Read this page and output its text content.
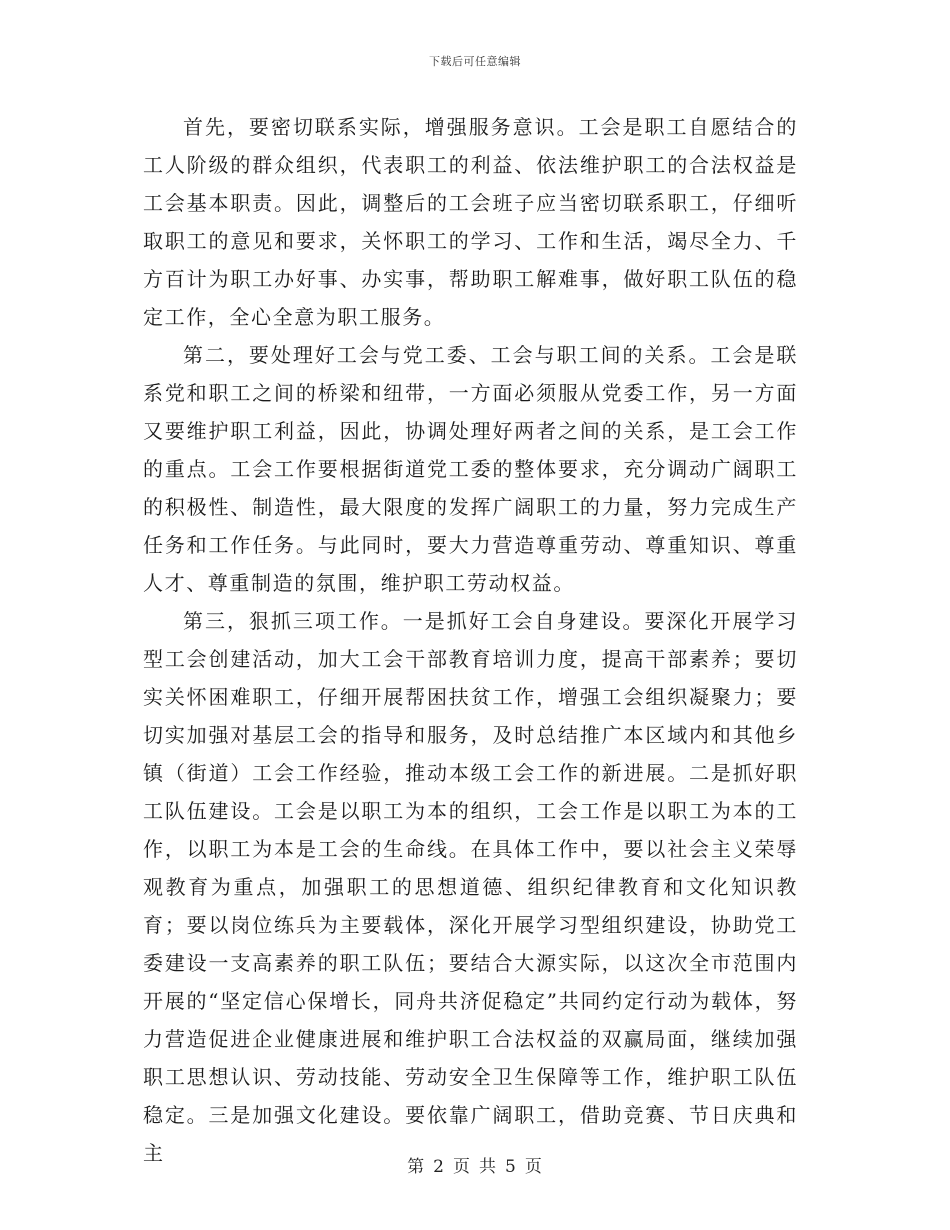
下载后可任意编辑

首先，要密切联系实际，增强服务意识。工会是职工自愿结合的工人阶级的群众组织，代表职工的利益、依法维护职工的合法权益是工会基本职责。因此，调整后的工会班子应当密切联系职工，仔细听取职工的意见和要求，关怀职工的学习、工作和生活，竭尽全力、千方百计为职工办好事、办实事，帮助职工解难事，做好职工队伍的稳定工作，全心全意为职工服务。

第二，要处理好工会与党工委、工会与职工间的关系。工会是联系党和职工之间的桥梁和纽带，一方面必须服从党委工作，另一方面又要维护职工利益，因此，协调处理好两者之间的关系，是工会工作的重点。工会工作要根据街道党工委的整体要求，充分调动广阔职工的积极性、制造性，最大限度的发挥广阔职工的力量，努力完成生产任务和工作任务。与此同时，要大力营造尊重劳动、尊重知识、尊重人才、尊重制造的氛围，维护职工劳动权益。

第三，狠抓三项工作。一是抓好工会自身建设。要深化开展学习型工会创建活动，加大工会干部教育培训力度，提高干部素养；要切实关怀困难职工，仔细开展帮困扶贫工作，增强工会组织凝聚力；要切实加强对基层工会的指导和服务，及时总结推广本区域内和其他乡镇（街道）工会工作经验，推动本级工会工作的新进展。二是抓好职工队伍建设。工会是以职工为本的组织，工会工作是以职工为本的工作，以职工为本是工会的生命线。在具体工作中，要以社会主义荣辱观教育为重点，加强职工的思想道德、组织纪律教育和文化知识教育；要以岗位练兵为主要载体，深化开展学习型组织建设，协助党工委建设一支高素养的职工队伍；要结合大源实际，以这次全市范围内开展的“坚定信心保增长，同舟共济促稳定”共同约定行动为载体，努力营造促进企业健康进展和维护职工合法权益的双赢局面，继续加强职工思想认识、劳动技能、劳动安全卫生保障等工作，维护职工队伍稳定。三是加强文化建设。要依靠广阔职工，借助竞赛、节日庆典和主

第 2 页 共 5 页
